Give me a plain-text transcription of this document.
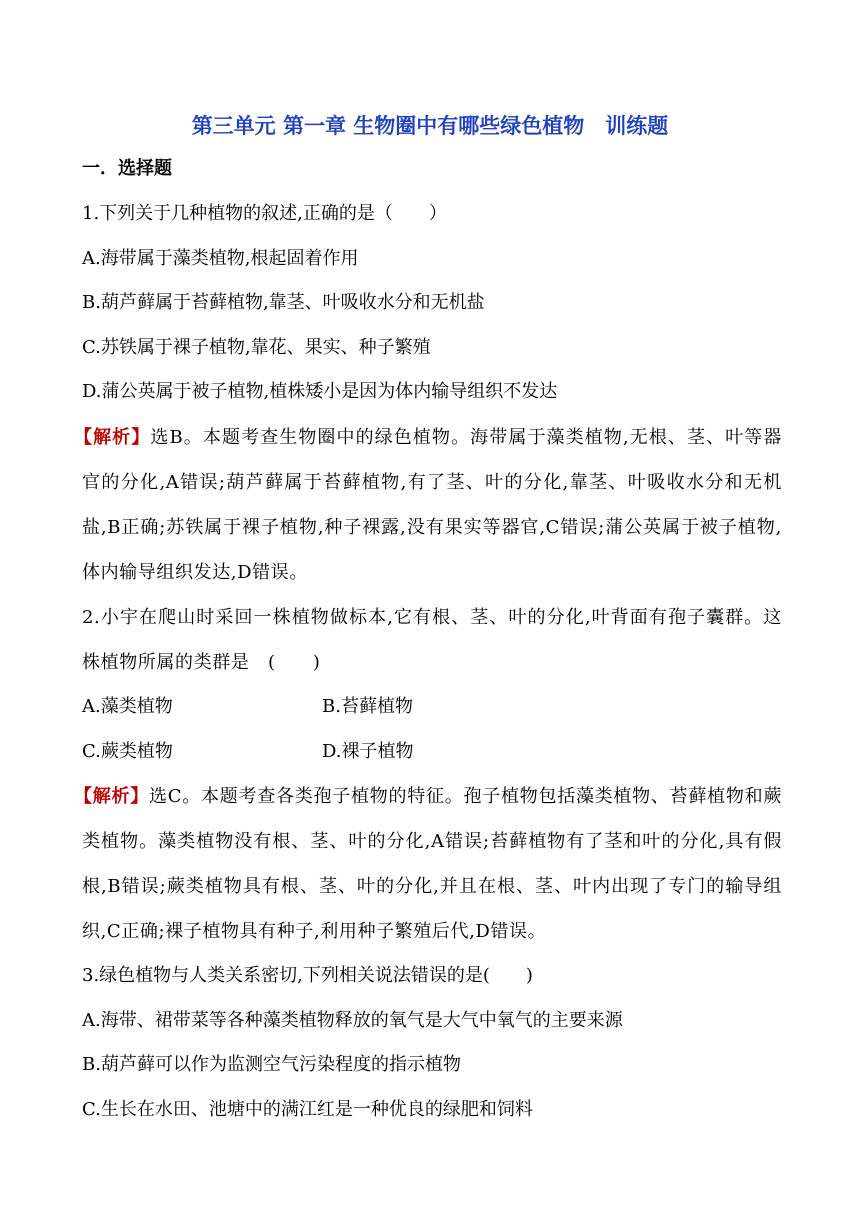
第三单元 第一章 生物圈中有哪些绿色植物　训练题
一．选择题
1.下列关于几种植物的叙述,正确的是（　　）
A.海带属于藻类植物,根起固着作用
B.葫芦藓属于苔藓植物,靠茎、叶吸收水分和无机盐
C.苏铁属于裸子植物,靠花、果实、种子繁殖
D.蒲公英属于被子植物,植株矮小是因为体内输导组织不发达
【解析】选B。本题考查生物圈中的绿色植物。海带属于藻类植物,无根、茎、叶等器官的分化,A错误;葫芦藓属于苔藓植物,有了茎、叶的分化,靠茎、叶吸收水分和无机盐,B正确;苏铁属于裸子植物,种子裸露,没有果实等器官,C错误;蒲公英属于被子植物,体内输导组织发达,D错误。
2.小宇在爬山时采回一株植物做标本,它有根、茎、叶的分化,叶背面有孢子囊群。这株植物所属的类群是　(　　)
A.藻类植物	B.苔藓植物
C.蕨类植物	D.裸子植物
【解析】选C。本题考查各类孢子植物的特征。孢子植物包括藻类植物、苔藓植物和蕨类植物。藻类植物没有根、茎、叶的分化,A错误;苔藓植物有了茎和叶的分化,具有假根,B错误;蕨类植物具有根、茎、叶的分化,并且在根、茎、叶内出现了专门的输导组织,C正确;裸子植物具有种子,利用种子繁殖后代,D错误。
3.绿色植物与人类关系密切,下列相关说法错误的是(　　)
A.海带、裙带菜等各种藻类植物释放的氧气是大气中氧气的主要来源
B.葫芦藓可以作为监测空气污染程度的指示植物
C.生长在水田、池塘中的满江红是一种优良的绿肥和饲料
